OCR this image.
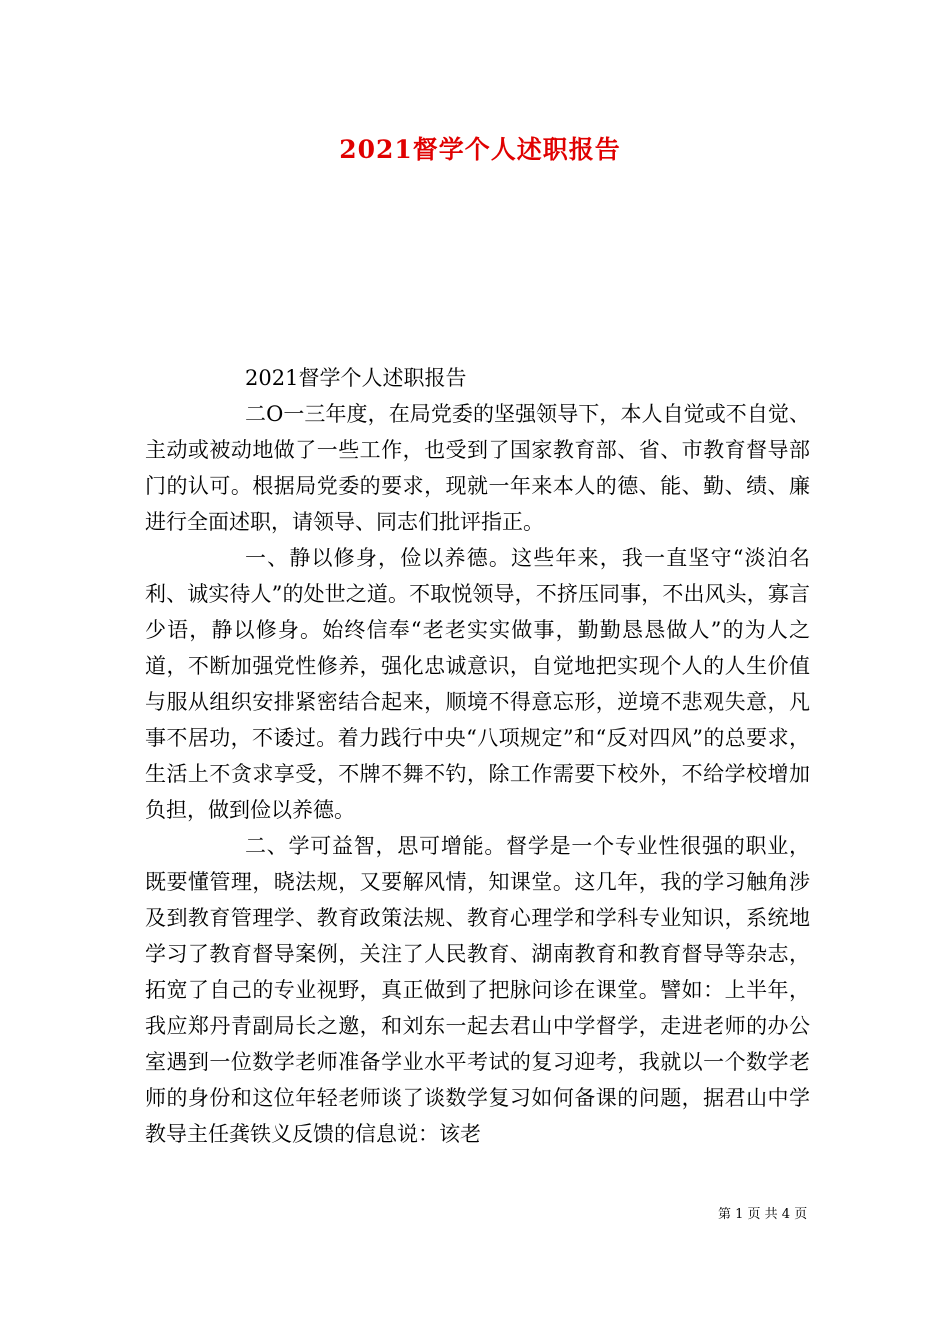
2021督学个人述职报告

2021督学个人述职报告

二O一三年度，在局党委的坚强领导下，本人自觉或不自觉、主动或被动地做了一些工作，也受到了国家教育部、省、市教育督导部门的认可。根据局党委的要求，现就一年来本人的德、能、勤、绩、廉进行全面述职，请领导、同志们批评指正。

一、静以修身，俭以养德。这些年来，我一直坚守“淡泊名利、诚实待人”的处世之道。不取悦领导，不挤压同事，不出风头，寡言少语，静以修身。始终信奉“老老实实做事，勤勤恳恳做人”的为人之道，不断加强党性修养，强化忠诚意识，自觉地把实现个人的人生价值与服从组织安排紧密结合起来，顺境不得意忘形，逆境不悲观失意，凡事不居功，不诿过。着力践行中央“八项规定”和“反对四风”的总要求，生活上不贪求享受，不牌不舞不钓，除工作需要下校外，不给学校增加负担，做到俭以养德。

二、学可益智，思可增能。督学是一个专业性很强的职业，既要懂管理，晓法规，又要解风情，知课堂。这几年，我的学习触角涉及到教育管理学、教育政策法规、教育心理学和学科专业知识，系统地学习了教育督导案例，关注了人民教育、湖南教育和教育督导等杂志，拓宽了自己的专业视野，真正做到了把脉问诊在课堂。譬如：上半年，我应郑丹青副局长之邀，和刘东一起去君山中学督学，走进老师的办公室遇到一位数学老师准备学业水平考试的复习迎考，我就以一个数学老师的身份和这位年轻老师谈了谈数学复习如何备课的问题，据君山中学教导主任龚铁义反馈的信息说：该老

第 1 页 共 4 页
